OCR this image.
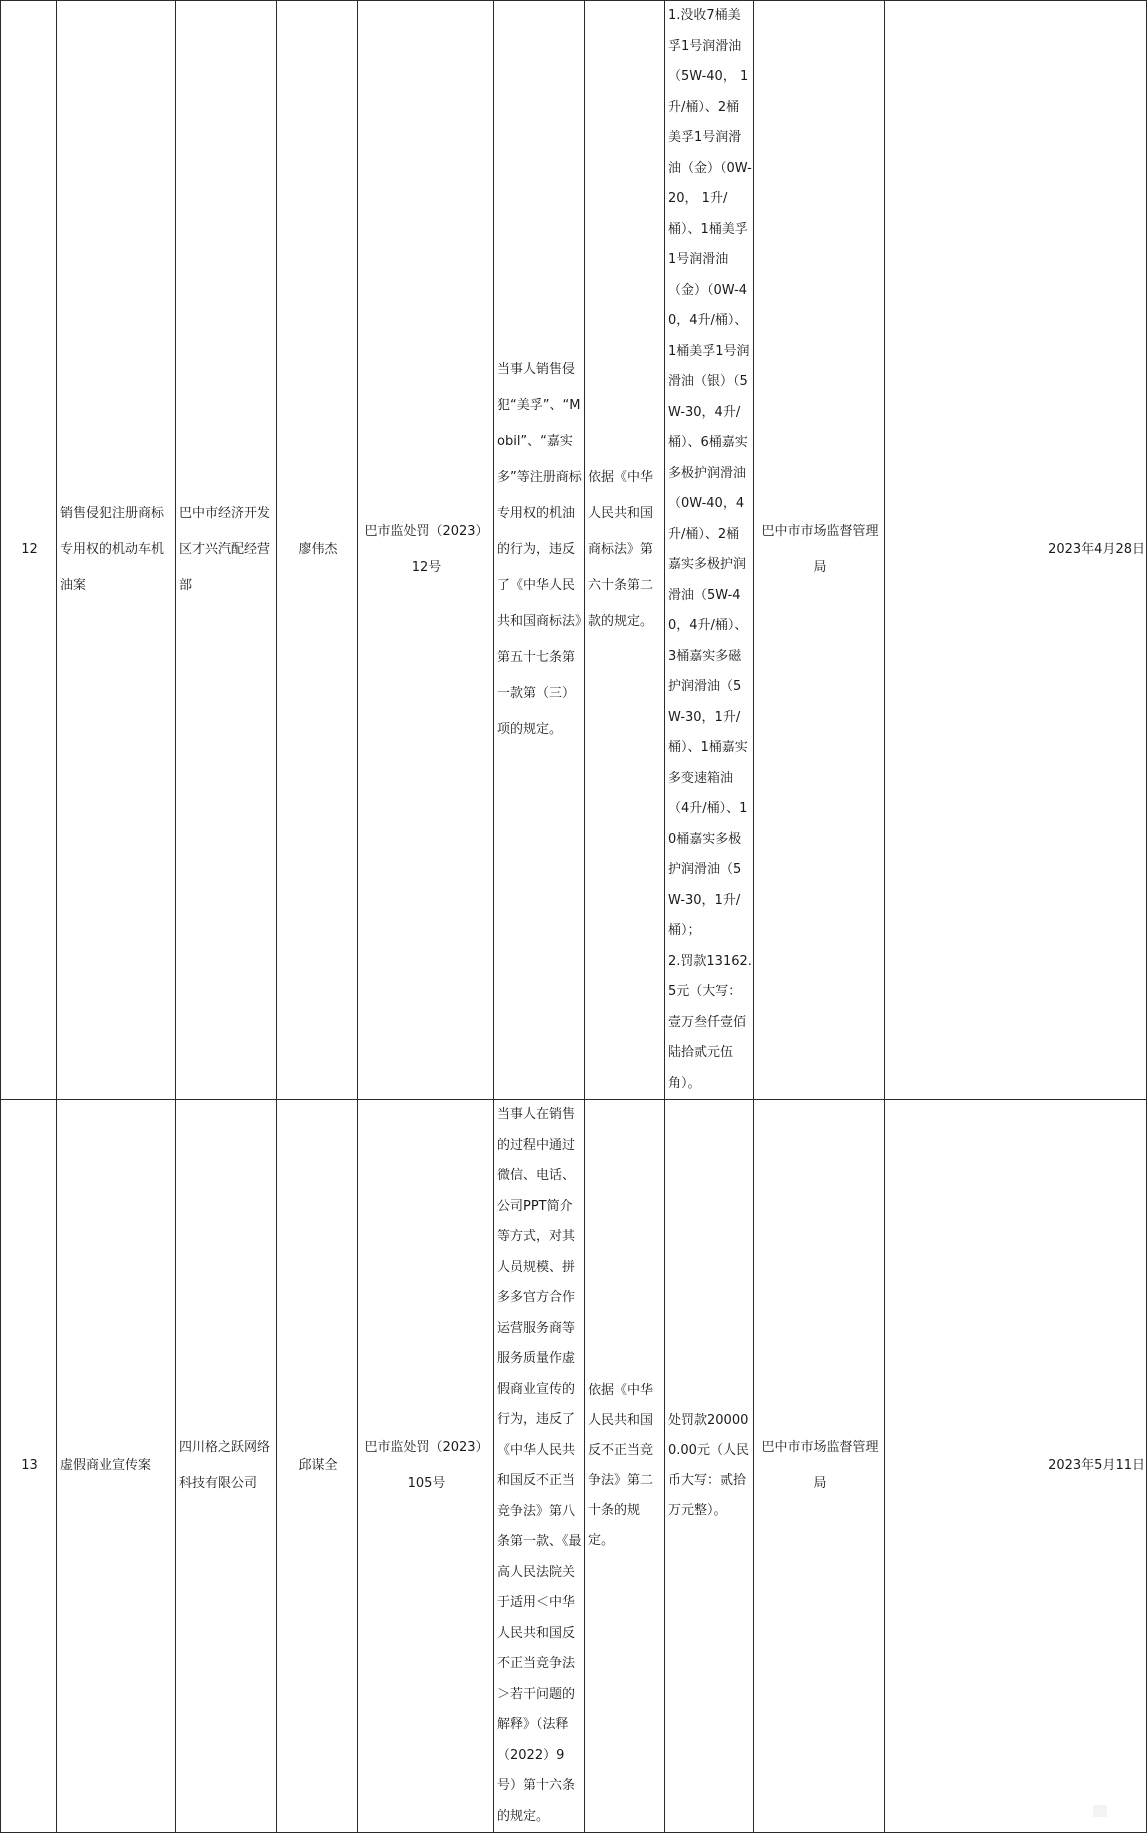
12	销售侵犯注册商标专用权的机动车机油案	巴中市经济开发区才兴汽配经营部	廖伟杰	巴市监处罚（2023）12号	当事人销售侵犯“美孚”、“Mobil”、“嘉实多”等注册商标专用权的机油的行为，违反了《中华人民共和国商标法》第五十七条第一款第（三）项的规定。	依据《中华人民共和国商标法》第六十条第二款的规定。	1.没收7桶美孚1号润滑油（5W-40， 1升/桶）、2桶美孚1号润滑油（金）（0W-20， 1升/桶）、1桶美孚1号润滑油（金）（0W-40，4升/桶）、1桶美孚1号润滑油（银）（5W-30，4升/桶）、6桶嘉实多极护润滑油（0W-40，4升/桶）、2桶嘉实多极护润滑油（5W-40，4升/桶）、3桶嘉实多磁护润滑油（5W-30，1升/桶）、1桶嘉实多变速箱油 （4升/桶）、10桶嘉实多极护润滑油（5W-30，1升/桶）；
2.罚款13162.5元（大写：壹万叁仟壹佰陆拾贰元伍角）。	巴中市市场监督管理局	2023年4月28日
13	虚假商业宣传案	四川格之跃网络科技有限公司	邱谋全	巴市监处罚（2023）105号	当事人在销售的过程中通过微信、电话、公司PPT简介等方式，对其人员规模、拼多多官方合作运营服务商等服务质量作虚假商业宣传的行为，违反了《中华人民共和国反不正当竞争法》第八条第一款、《最高人民法院关于适用＜中华人民共和国反不正当竞争法＞若干问题的解释》（法释（2022）9号）第十六条的规定。	依据《中华人民共和国反不正当竞争法》第二十条的规定。	处罚款200000.00元（人民币大写：贰拾万元整）。	巴中市市场监督管理局	2023年5月11日
